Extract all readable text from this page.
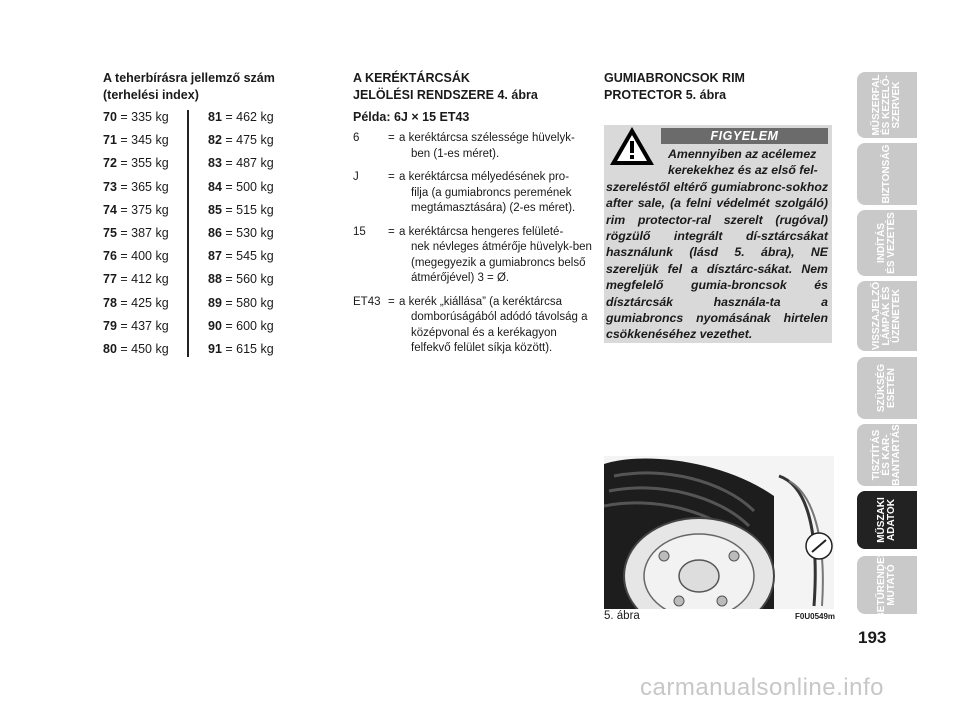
A teherbírásra jellemző szám
(terhelési index)
70 = 335 kg	81 = 462 kg
71 = 345 kg	82 = 475 kg
72 = 355 kg	83 = 487 kg
73 = 365 kg	84 = 500 kg
74 = 375 kg	85 = 515 kg
75 = 387 kg	86 = 530 kg
76 = 400 kg	87 = 545 kg
77 = 412 kg	88 = 560 kg
78 = 425 kg	89 = 580 kg
79 = 437 kg	90 = 600 kg
80 = 450 kg	91 = 615 kg
A KERÉKTÁRCSÁK
JELÖLÉSI RENDSZERE 4. ábra
Példa: 6J × 15 ET43
6 = a keréktárcsa szélessége hüvelyk-
ben (1-es méret).
J	= a keréktárcsa mélyedésének pro-
filja (a gumiabroncs peremének megtámasztására) (2-es méret).
15 = a keréktárcsa hengeres felületé-
nek névleges átmérője hüvelyk-ben (megegyezik a gumiabroncs belső átmérőjével) 3 = Ø.
ET43 = a kerék „kiállása” (a keréktárcsa
domborúságából adódó távolság a középvonal és a kerékagyon felfekvő felület síkja között).
GUMIABRONCSOK RIM
PROTECTOR 5. ábra
FIGYELEM
Amennyiben az acélemez
kerekekhez és az első fel-
szereléstől eltérő gumiabronc-sokhoz after sale, (a felni védelmét szolgáló) rim protector-ral szerelt (rugóval) rögzülő integrált dí-sztárcsákat használunk (lásd 5. ábra), NE szereljük fel a dísztárc-sákat. Nem megfelelő gumia-broncsok és dísztárcsák használa-ta a gumiabroncs nyomásának hirtelen csökkenéséhez vezethet.
5. ábra	F0U0549m
MŰSZERFAL
ÉS KEZELŐ-
SZERVEK
BIZTONSÁG
INDÍTÁS
ÉS VEZETÉS
VISSZAJELZŐ
LÁMPÁK ÉS
ÜZENETEK
SZÜKSÉG
ESETÉN
TISZTÍTÁS
ÉS KAR-
BANTARTÁS
MŰSZAKI
ADATOK
BETŰRENDES
MUTATÓ
193
carmanualsonline.info
